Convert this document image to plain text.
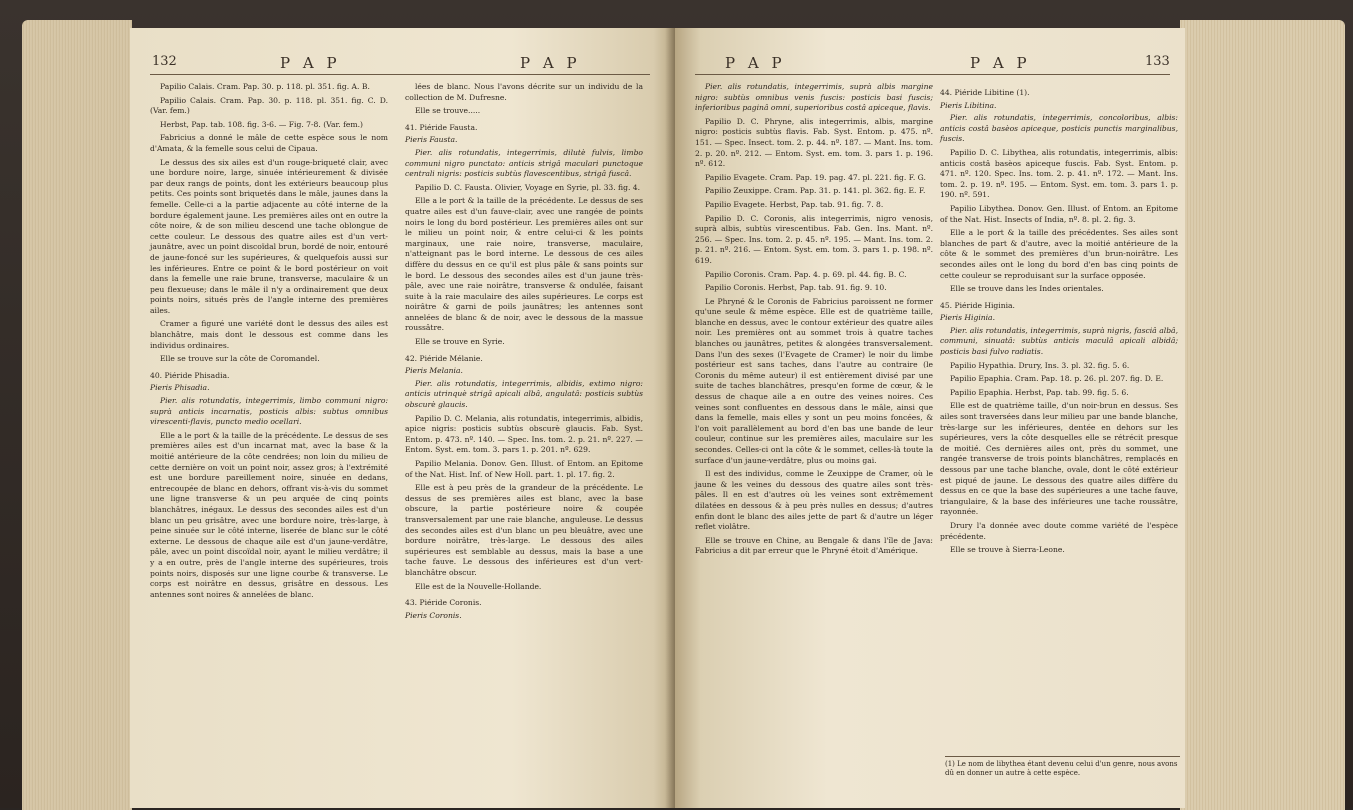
132	P A P	P A P

Papilio Calais. Cram. Pap. 30. p. 118. pl. 351. fig. A. B.

Papilio Calais. Cram. Pap. 30. p. 118. pl. 351. fig. C. D. (Var. fem.)

Herbst, Pap. tab. 108. fig. 3-6. — Fig. 7-8. (Var. fem.)

Fabricius a donné le mâle de cette espèce sous le nom d'Amata, & la femelle sous celui de Cipaua.

Le dessus des six ailes est d'un rouge-briqueté clair, avec une bordure noire, large, sinuée intérieurement & divisée par deux rangs de points, dont les extérieurs beaucoup plus petits. Ces points sont briquetés dans le mâle, jaunes dans la femelle. Celle-ci a la partie adjacente au côté interne de la bordure également jaune. Les premières ailes ont en outre la côte noire, & de son milieu descend une tache oblongue de cette couleur. Le dessous des quatre ailes est d'un vert-jaunâtre, avec un point discoïdal brun, bordé de noir, entouré de jaune-foncé sur les supérieures, & quelquefois aussi sur les inférieures. Entre ce point & le bord postérieur on voit dans la femelle une raie brune, transverse, maculaire & un peu flexueuse; dans le mâle il n'y a ordinairement que deux points noirs, situés près de l'angle interne des premières ailes.

Cramer a figuré une variété dont le dessus des ailes est blanchâtre, mais dont le dessous est comme dans les individus ordinaires.

Elle se trouve sur la côte de Coromandel.

40. Piéride Phisadia.

Pieris Phisadia.

Pier. alis rotundatis, integerrimis, limbo communi nigro: suprà anticis incarnatis, posticis albis: subtus omnibus virescenti-flavis, puncto medio ocellari.

Elle a le port & la taille de la précédente. Le dessus de ses premières ailes est d'un incarnat mat, avec la base & la moitié antérieure de la côte cendrées; non loin du milieu de cette dernière on voit un point noir, assez gros; à l'extrémité est une bordure pareillement noire, sinuée en dedans, entrecoupée de blanc en dehors, offrant vis-à-vis du sommet une ligne transverse & un peu arquée de cinq points blanchâtres, inégaux. Le dessus des secondes ailes est d'un blanc un peu grisâtre, avec une bordure noire, très-large, à peine sinuée sur le côté interne, liserée de blanc sur le côté externe. Le dessous de chaque aile est d'un jaune-verdâtre, pâle, avec un point discoïdal noir, ayant le milieu verdâtre; il y a en outre, près de l'angle interne des supérieures, trois points noirs, disposés sur une ligne courbe & transverse. Le corps est noirâtre en dessus, grisâtre en dessous. Les antennes sont noires & annelées de blanc.

lées de blanc. Nous l'avons décrite sur un individu de la collection de M. Dufresne.

Elle se trouve.....

41. Piéride Fausta.

Pieris Fausta.

Pier. alis rotundatis, integerrimis, dilutè fulvis, limbo communi nigro punctato: anticis strigâ maculari punctoque centrali nigris: posticis subtùs flavescentibus, strigâ fuscâ.

Papilio D. C. Fausta. Olivier, Voyage en Syrie, pl. 33. fig. 4.

Elle a le port & la taille de la précédente. Le dessus de ses quatre ailes est d'un fauve-clair, avec une rangée de points noirs le long du bord postérieur. Les premières ailes ont sur le milieu un point noir, & entre celui-ci & les points marginaux, une raie noire, transverse, maculaire, n'atteignant pas le bord interne. Le dessous de ces ailes diffère du dessus en ce qu'il est plus pâle & sans points sur le bord. Le dessous des secondes ailes est d'un jaune très-pâle, avec une raie noirâtre, transverse & ondulée, faisant suite à la raie maculaire des ailes supérieures. Le corps est noirâtre & garni de poils jaunâtres; les antennes sont annelées de blanc & de noir, avec le dessous de la massue roussâtre.

Elle se trouve en Syrie.

42. Piéride Mélanie.

Pieris Melania.

Pier. alis rotundatis, integerrimis, albidis, extimo nigro: anticis utrinquè strigâ apicali albâ, angulatâ: posticis subtùs obscurè glaucis.

Papilio D. C. Melania, alis rotundatis, integerrimis, albidis, apice nigris: posticis subtùs obscurè glaucis. Fab. Syst. Entom. p. 473. nº. 140. — Spec. Ins. tom. 2. p. 21. nº. 227. — Entom. Syst. em. tom. 3. pars 1. p. 201. nº. 629.

Papilio Melania. Donov. Gen. Illust. of Entom. an Epitome of the Nat. Hist. Inf. of New Holl. part. 1. pl. 17. fig. 2.

Elle est à peu près de la grandeur de la précédente. Le dessus de ses premières ailes est blanc, avec la base obscure, la partie postérieure noire & coupée transversalement par une raie blanche, anguleuse. Le dessus des secondes ailes est d'un blanc un peu bleuâtre, avec une bordure noirâtre, très-large. Le dessous des ailes supérieures est semblable au dessus, mais la base a une tache fauve. Le dessous des inférieures est d'un vert-blanchâtre obscur.

Elle est de la Nouvelle-Hollande.

43. Piéride Coronis.

Pieris Coronis.

P A P	P A P	133

Pier. alis rotundatis, integerrimis, suprà albis margine nigro: subtùs omnibus venis fuscis: posticis basi fuscis; inferioribus paginâ omni, superioribus costâ apiceque, flavis.

Papilio D. C. Phryne, alis integerrimis, albis, margine nigro: posticis subtùs flavis. Fab. Syst. Entom. p. 475. nº. 151. — Spec. Insect. tom. 2. p. 44. nº. 187. — Mant. Ins. tom. 2. p. 20. nº. 212. — Entom. Syst. em. tom. 3. pars 1. p. 196. nº. 612.

Papilio Evagete. Cram. Pap. 19. pag. 47. pl. 221. fig. F. G.

Papilio Zeuxippe. Cram. Pap. 31. p. 141. pl. 362. fig. E. F.

Papilio Evagete. Herbst, Pap. tab. 91. fig. 7. 8.

Papilio D. C. Coronis, alis integerrimis, nigro venosis, suprà albis, subtùs virescentibus. Fab. Gen. Ins. Mant. nº. 256. — Spec. Ins. tom. 2. p. 45. nº. 195. — Mant. Ins. tom. 2. p. 21. nº. 216. — Entom. Syst. em. tom. 3. pars 1. p. 198. nº. 619.

Papilio Coronis. Cram. Pap. 4. p. 69. pl. 44. fig. B. C.

Papilio Coronis. Herbst, Pap. tab. 91. fig. 9. 10.

Le Phryné & le Coronis de Fabricius paroissent ne former qu'une seule & même espèce. Elle est de quatrième taille, blanche en dessus, avec le contour extérieur des quatre ailes noir. Les premières ont au sommet trois à quatre taches blanches ou jaunâtres, petites & alongées transversalement. Dans l'un des sexes (l'Evagete de Cramer) le noir du limbe postérieur est sans taches, dans l'autre au contraire (le Coronis du même auteur) il est entièrement divisé par une suite de taches blanchâtres, presqu'en forme de cœur, & le dessus de chaque aile a en outre des veines noires. Ces veines sont confluentes en dessous dans le mâle, ainsi que dans la femelle, mais elles y sont un peu moins foncées, & l'on voit parallèlement au bord d'en bas une bande de leur couleur, continue sur les premières ailes, maculaire sur les secondes. Celles-ci ont la côte & le sommet, celles-là toute la surface d'un jaune-verdâtre, plus ou moins gai.

Il est des individus, comme le Zeuxippe de Cramer, où le jaune & les veines du dessous des quatre ailes sont très-pâles. Il en est d'autres où les veines sont extrêmement dilatées en dessous & à peu près nulles en dessus; d'autres enfin dont le blanc des ailes jette de part & d'autre un léger reflet violâtre.

Elle se trouve en Chine, au Bengale & dans l'île de Java: Fabricius a dit par erreur que le Phryné étoit d'Amérique.

44. Piéride Libitine (1).

Pieris Libitina.

Pier. alis rotundatis, integerrimis, concoloribus, albis: anticis costâ basèos apiceque, posticis punctis marginalibus, fuscis.

Papilio D. C. Libythea, alis rotundatis, integerrimis, albis: anticis costâ basèos apiceque fuscis. Fab. Syst. Entom. p. 471. nº. 120. Spec. Ins. tom. 2. p. 41. nº. 172. — Mant. Ins. tom. 2. p. 19. nº. 195. — Entom. Syst. em. tom. 3. pars 1. p. 190. nº. 591.

Papilio Libythea. Donov. Gen. Illust. of Entom. an Epitome of the Nat. Hist. Insects of India, nº. 8. pl. 2. fig. 3.

Elle a le port & la taille des précédentes. Ses ailes sont blanches de part & d'autre, avec la moitié antérieure de la côte & le sommet des premières d'un brun-noirâtre. Les secondes ailes ont le long du bord d'en bas cinq points de cette couleur se reproduisant sur la surface opposée.

Elle se trouve dans les Indes orientales.

45. Piéride Higinia.

Pieris Higinia.

Pier. alis rotundatis, integerrimis, suprà nigris, fasciâ albâ, communi, sinuatâ: subtùs anticis maculâ apicali albidâ; posticis basi fulvo radiatis.

Papilio Hypathia. Drury, Ins. 3. pl. 32. fig. 5. 6.

Papilio Epaphia. Cram. Pap. 18. p. 26. pl. 207. fig. D. E.

Papilio Epaphia. Herbst, Pap. tab. 99. fig. 5. 6.

Elle est de quatrième taille, d'un noir-brun en dessus. Ses ailes sont traversées dans leur milieu par une bande blanche, très-large sur les inférieures, dentée en dehors sur les supérieures, vers la côte desquelles elle se rétrécit presque de moitié. Ces dernières ailes ont, près du sommet, une rangée transverse de trois points blanchâtres, remplacés en dessous par une tache blanche, ovale, dont le côté extérieur est piqué de jaune. Le dessous des quatre ailes diffère du dessus en ce que la base des supérieures a une tache fauve, triangulaire, & la base des inférieures une tache roussâtre, rayonnée.

Drury l'a donnée avec doute comme variété de l'espèce précédente.

Elle se trouve à Sierra-Leone.

(1) Le nom de libythea étant devenu celui d'un genre, nous avons dû en donner un autre à cette espèce.
